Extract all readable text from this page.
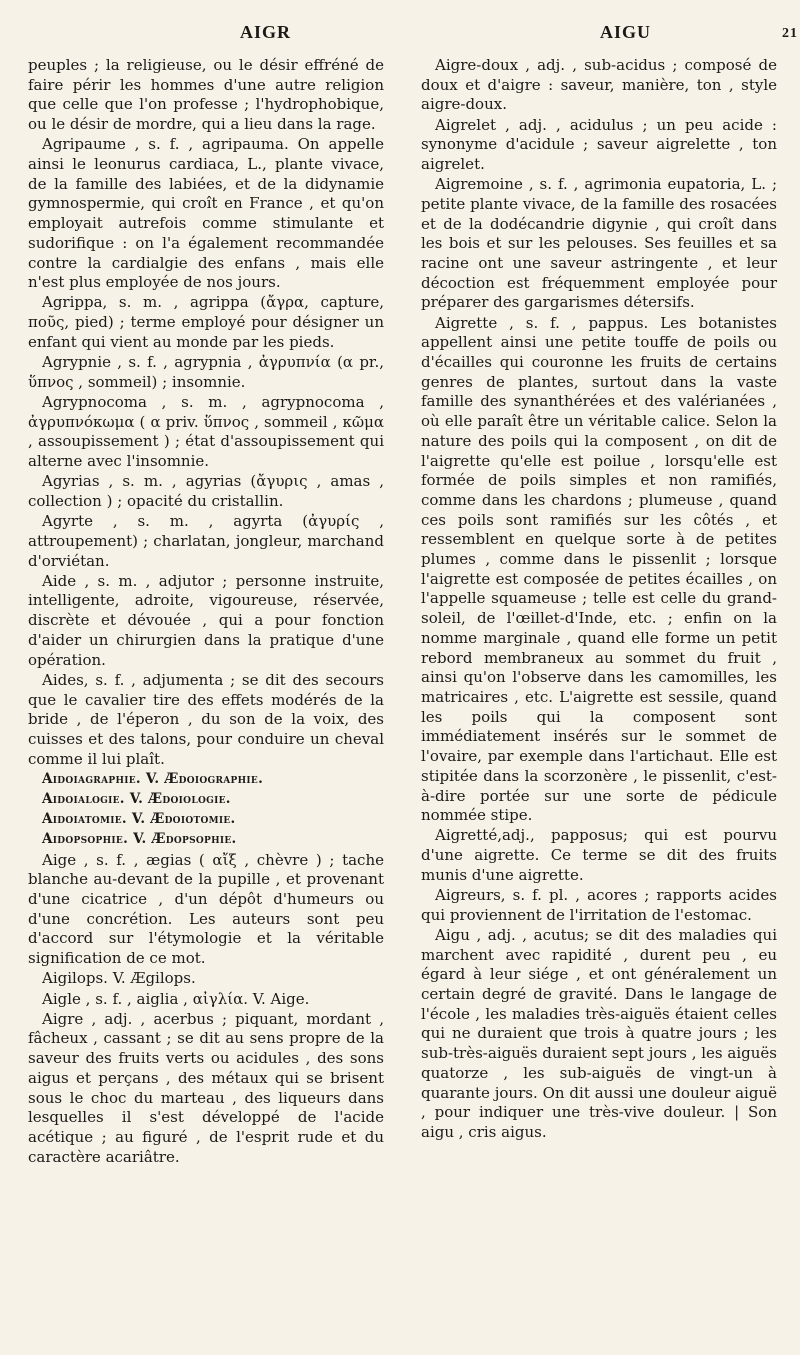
AIGR	AIGU	21

peuples ; la religieuse, ou le désir effréné de faire périr les hommes d'une autre religion que celle que l'on professe ; l'hydrophobique, ou le désir de mordre, qui a lieu dans la rage.

Agripaume , s. f. , agripauma. On appelle ainsi le leonurus cardiaca, L., plante vivace, de la famille des labiées, et de la didynamie gymnospermie, qui croît en France , et qu'on employait autrefois comme stimulante et sudorifique : on l'a également recommandée contre la cardialgie des enfans , mais elle n'est plus employée de nos jours.

Agrippa, s. m. , agrippa (ἄγρα, capture, ποῦς, pied) ; terme employé pour désigner un enfant qui vient au monde par les pieds.

Agrypnie , s. f. , agrypnia , ἀγρυπνία (α pr., ὕπνος , sommeil) ; insomnie.

Agrypnocoma , s. m. , agrypnocoma , ἀγρυπνόκωμα ( α priv. ὕπνος , sommeil , κῶμα , assoupissement ) ; état d'assoupissement qui alterne avec l'insomnie.

Agyrias , s. m. , agyrias (ἄγυρις , amas , collection ) ; opacité du cristallin.

Agyrte , s. m. , agyrta (ἀγυρίς , attroupement) ; charlatan, jongleur, marchand d'orviétan.

Aide , s. m. , adjutor ; personne instruite, intelligente, adroite, vigoureuse, réservée, discrète et dévouée , qui a pour fonction d'aider un chirurgien dans la pratique d'une opération.

Aides, s. f. , adjumenta ; se dit des secours que le cavalier tire des effets modérés de la bride , de l'éperon , du son de la voix, des cuisses et des talons, pour conduire un cheval comme il lui plaît.

Aidoiagraphie. V. Ædoiographie.

Aidoialogie. V. Ædoiologie.

Aidoiatomie. V. Ædoiotomie.

Aidopsophie. V. Ædopsophie.

Aige , s. f. , ægias ( αἴξ , chèvre ) ; tache blanche au-devant de la pupille , et provenant d'une cicatrice , d'un dépôt d'humeurs ou d'une concrétion. Les auteurs sont peu d'accord sur l'étymologie et la véritable signification de ce mot.

Aigilops. V. Ægilops.

Aigle , s. f. , aiglia , αἰγλία. V. Aige.

Aigre , adj. , acerbus ; piquant, mordant , fâcheux , cassant ; se dit au sens propre de la saveur des fruits verts ou acidules , des sons aigus et perçans , des métaux qui se brisent sous le choc du marteau , des liqueurs dans lesquelles il s'est développé de l'acide acétique ; au figuré , de l'esprit rude et du caractère acariâtre.

Aigre-doux , adj. , sub-acidus ; composé de doux et d'aigre : saveur, manière, ton , style aigre-doux.

Aigrelet , adj. , acidulus ; un peu acide : synonyme d'acidule ; saveur aigrelette , ton aigrelet.

Aigremoine , s. f. , agrimonia eupatoria, L. ; petite plante vivace, de la famille des rosacées et de la dodécandrie digynie , qui croît dans les bois et sur les pelouses. Ses feuilles et sa racine ont une saveur astringente , et leur décoction est fréquemment employée pour préparer des gargarismes détersifs.

Aigrette , s. f. , pappus. Les botanistes appellent ainsi une petite touffe de poils ou d'écailles qui couronne les fruits de certains genres de plantes, surtout dans la vaste famille des synanthérées et des valérianées , où elle paraît être un véritable calice. Selon la nature des poils qui la composent , on dit de l'aigrette qu'elle est poilue , lorsqu'elle est formée de poils simples et non ramifiés, comme dans les chardons ; plumeuse , quand ces poils sont ramifiés sur les côtés , et ressemblent en quelque sorte à de petites plumes , comme dans le pissenlit ; lorsque l'aigrette est composée de petites écailles , on l'appelle squameuse ; telle est celle du grand-soleil, de l'œillet-d'Inde, etc. ; enfin on la nomme marginale , quand elle forme un petit rebord membraneux au sommet du fruit , ainsi qu'on l'observe dans les camomilles, les matricaires , etc. L'aigrette est sessile, quand les poils qui la composent sont immédiatement insérés sur le sommet de l'ovaire, par exemple dans l'artichaut. Elle est stipitée dans la scorzonère , le pissenlit, c'est-à-dire portée sur une sorte de pédicule nommée stipe.

Aigretté,adj., papposus; qui est pourvu d'une aigrette. Ce terme se dit des fruits munis d'une aigrette.

Aigreurs, s. f. pl. , acores ; rapports acides qui proviennent de l'irritation de l'estomac.

Aigu , adj. , acutus; se dit des maladies qui marchent avec rapidité , durent peu , eu égard à leur siége , et ont généralement un certain degré de gravité. Dans le langage de l'école , les maladies très-aiguës étaient celles qui ne duraient que trois à quatre jours ; les sub-très-aiguës duraient sept jours , les aiguës quatorze , les sub-aiguës de vingt-un à quarante jours. On dit aussi une douleur aiguë , pour indiquer une très-vive douleur. | Son aigu , cris aigus.
